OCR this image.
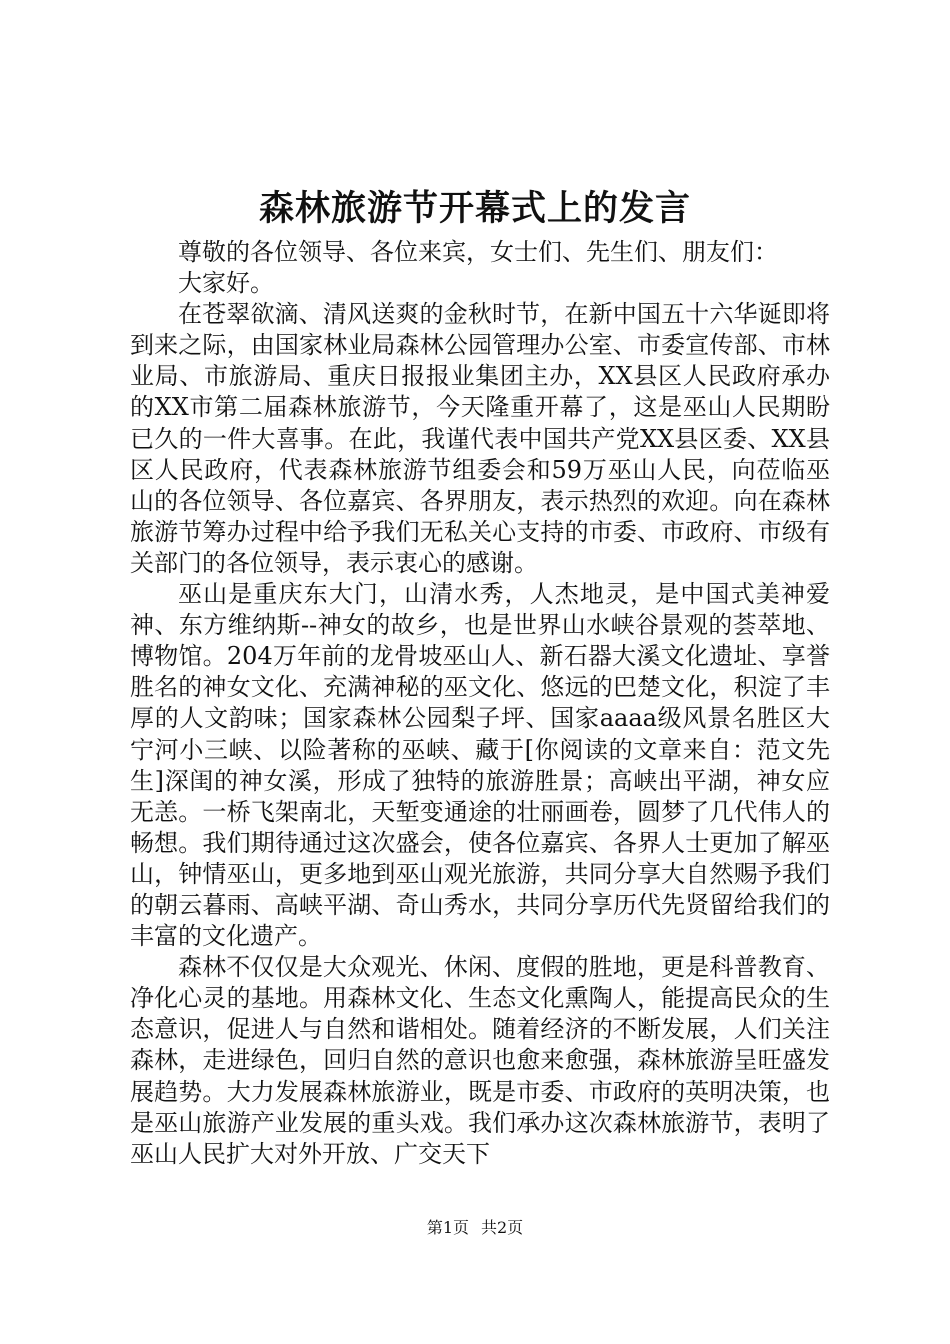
森林旅游节开幕式上的发言

尊敬的各位领导、各位来宾，女士们、先生们、朋友们：

大家好。

在苍翠欲滴、清风送爽的金秋时节，在新中国五十六华诞即将到来之际，由国家林业局森林公园管理办公室、市委宣传部、市林业局、市旅游局、重庆日报报业集团主办，XX县区人民政府承办的XX市第二届森林旅游节，今天隆重开幕了，这是巫山人民期盼已久的一件大喜事。在此，我谨代表中国共产党XX县区委、XX县区人民政府，代表森林旅游节组委会和59万巫山人民，向莅临巫山的各位领导、各位嘉宾、各界朋友，表示热烈的欢迎。向在森林旅游节筹办过程中给予我们无私关心支持的市委、市政府、市级有关部门的各位领导，表示衷心的感谢。

巫山是重庆东大门，山清水秀，人杰地灵，是中国式美神爱神、东方维纳斯--神女的故乡，也是世界山水峡谷景观的荟萃地、博物馆。204万年前的龙骨坡巫山人、新石器大溪文化遗址、享誉胜名的神女文化、充满神秘的巫文化、悠远的巴楚文化，积淀了丰厚的人文韵味；国家森林公园梨子坪、国家aaaa级风景名胜区大宁河小三峡、以险著称的巫峡、藏于[你阅读的文章来自：范文先生]深闺的神女溪，形成了独特的旅游胜景；高峡出平湖，神女应无恙。一桥飞架南北，天堑变通途的壮丽画卷，圆梦了几代伟人的畅想。我们期待通过这次盛会，使各位嘉宾、各界人士更加了解巫山，钟情巫山，更多地到巫山观光旅游，共同分享大自然赐予我们的朝云暮雨、高峡平湖、奇山秀水，共同分享历代先贤留给我们的丰富的文化遗产。

森林不仅仅是大众观光、休闲、度假的胜地，更是科普教育、净化心灵的基地。用森林文化、生态文化熏陶人，能提高民众的生态意识，促进人与自然和谐相处。随着经济的不断发展，人们关注森林，走进绿色，回归自然的意识也愈来愈强，森林旅游呈旺盛发展趋势。大力发展森林旅游业，既是市委、市政府的英明决策，也是巫山旅游产业发展的重头戏。我们承办这次森林旅游节，表明了巫山人民扩大对外开放、广交天下

第1页 共2页
